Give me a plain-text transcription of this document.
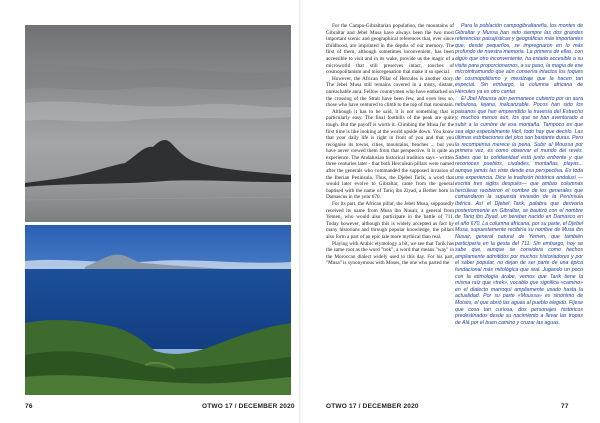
76	OTWO 17 / DECEMBER 2020

For the Campo-Gibraltarian population, the mountains of Gibraltar and Jebel Musa have always been the two most important scenic and geographical references that, ever since childhood, are imprinted in the depths of our memory. The first of them, although sometimes inconvenient, has been accessible to visit and in its wake, provide us the magic of a microworld that still preserves intact, touches of cosmopolitanism and miscegenation that make it so special.

However, the African Pillar of Hercules is another story. The Jebel Musa still remains covered in a misty, distant, unreachable aura. Fellow countrymen who have embarked on the crossing of the Strait have been few, and even less so, those who have ventured to climb to the top of that mountain.

Although it has to be said, it is not something that is particularly easy. The final foothills of the peak are quite tough. But the payoff is worth it. Climbing the Musa for the first time is like looking at the world upside down. You know that your daily life is right in front of you and that you recognise its towns, cities, mountains, beaches ... but you have never viewed them from that perspective. It is quite an experience. The Andalusian historical tradition says - written three centuries later - that both Herculean pillars were named after the generals who commanded the supposed invasion of the Iberian Peninsula. Thus, the Djebel Tarik, a word that would later evolve to Gibraltar, came from the general baptised with the name of Tariq ibn Ziyad, a Berber born in Damascus in the year 670.

For its part, the African pillar, the Jebel Musa, supposedly received its name from Musa ibn Nusair, a general from Yemen, who would also participate in the battle of 711. Today however, although this is widely accepted as fact by many historians and through popular knowledge, the pillars also form a part of an epic tale more mythical than real.

Playing with Arabic etymology a bit, we see that Tarik has the same root as the word "trek", a word that means "way" in the Moroccan dialect widely used to this day. For his part, "Musa" is synonymous with Moses, the one who parted the

Para la población campogibraltareña, los montes de Gibraltar y Mussa han sido siempre las dos grandes referencias paisajísticas y geográficas más importantes que, desde pequeños, se impregnaron en lo más profundo de nuestra memoria. La primera de ellas, con algún que otro inconveniente, ha estado accesible a su visita para proporcionarnos, a su paso, la magia de ese microintramundo que aún conserva intactos los toques de cosmopolitismo y mestizaje que la hacen tan especial. Sin embargo, la columna africana de Hércules ya es otro cantar.

El Jbel Moussa aún permanece cubierto por un aura nebulosa, lejana, inalcanzable. Pocos han sido los paisanos que han emprendido la travesía del Estrecho y, muchos menos aún, los que se han aventurado a subir a la cumbre de esa montaña. Tampoco es que sea algo especialmente fácil, todo hay que decirlo. Las últimas estribaciones del pico son bastante duras. Pero la recompensa merece la pena. Subir al Moussa por primera vez, es como observar el mundo del revés. Sabes que tu cotidianidad está justo enfrente y que reconoces pueblos, ciudades, montañas, playas... aunque jamás las viste desde esa perspectiva. Es toda una experiencia. Dice la tradición histórica andalusí —escrita tres siglos después— que ambas columnas hercúleas recibieron el nombre de los generales que comandaron la supuesta invasión de la Península Ibérica. Así el Djebel Tarik, palabra que derivaría posteriormente en Gibraltar, se bautizó con el nombre de Tariq ibn Ziyad, un bereber nacido en Damasco en el año 670. La columna africana, por su parte, el Djebel Musa, supuestamente recibiría su nombre de Musa ibn Nusair, general natural de Yemen, que también participaría en la gesta del 711. Sin embargo, hoy se sabe que, aunque se considera como hechos ampliamente admitidos por muchos historiadores y por el saber popular, no dejan de ser parte de una épica fundacional más mitológica que real. Jugando un poco con la etimología árabe, vemos que Tarik tiene la misma raíz que «trek», vocablo que significa «camino» en el dialecto marroquí ampliamente usado hasta la actualidad. Por su parte «Moussa» es sinónimo de Moisés, el que abrió las aguas al pueblo elegido. Fíjese que cosa tan curiosa, dos personajes históricos predestinados desde su nacimiento a llevar las tropas de Alá por el buen camino y cruzar las aguas.

OTWO 17 / DECEMBER 2020	77
